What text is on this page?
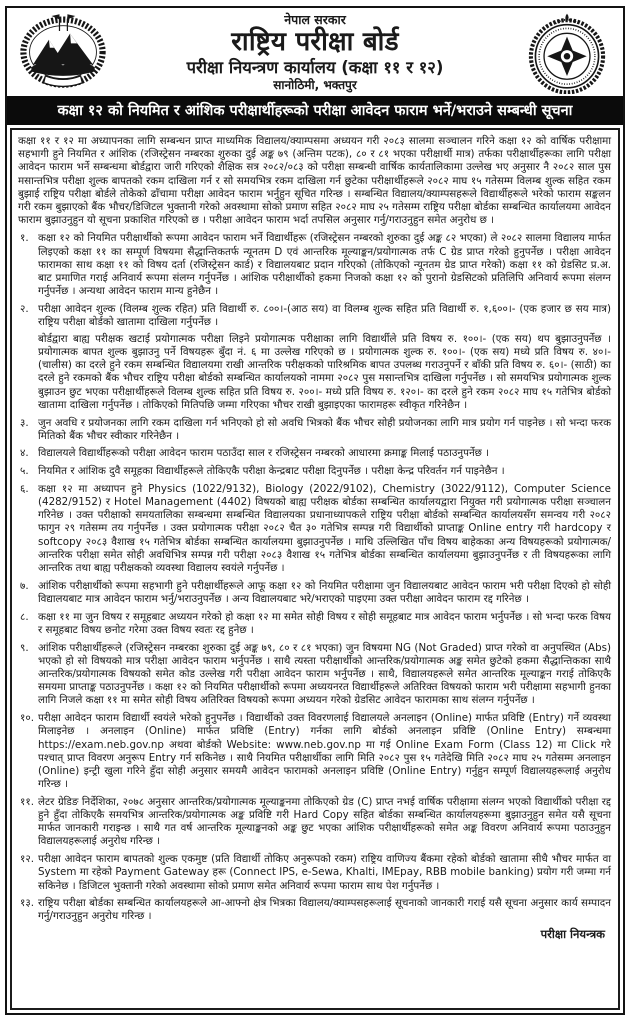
नेपाल सरकार
राष्ट्रिय परीक्षा बोर्ड
परीक्षा नियन्त्रण कार्यालय (कक्षा ११ र १२)
सानोठिमी, भक्तपुर
कक्षा १२ को नियमित र आंशिक परीक्षार्थीहरूको परीक्षा आवेदन फाराम भर्ने/भराउने सम्बन्धी सूचना

कक्षा ११ र १२ मा अध्यापनका लागि सम्बन्धन प्राप्त माध्यमिक विद्यालय/क्याम्पसमा अध्ययन गरी २०८३ सालमा सञ्चालन गरिने कक्षा १२ को वार्षिक परीक्षामा सहभागी हुने नियमित र आंशिक (रजिस्ट्रेसन नम्बरका शुरुका दुई अङ्क ७९ (अन्तिम पटक), ८० र ८१ भएका परीक्षार्थी मात्र) तर्फका परीक्षार्थीहरूका लागि परीक्षा आवेदन फाराम भर्ने सम्बन्धमा बोर्डद्वारा जारी गरिएको शैक्षिक सत्र २०८२/०८३ को परीक्षा सम्बन्धी वार्षिक कार्यतालिकामा उल्लेख भए अनुसार नै २०८२ साल पुस मसान्तभित्र परीक्षा शुल्क बापतको रकम दाखिला गर्न र सो समयभित्र रकम दाखिला गर्न छुटेका परीक्षार्थीहरूले २०८२ माघ १५ गतेसम्म विलम्ब शुल्क सहित रकम बुझाई राष्ट्रिय परीक्षा बोर्डले तोकेको ढाँचामा परीक्षा आवेदन फाराम भर्नुहुन सूचित गरिन्छ । सम्बन्धित विद्यालय/क्याम्पसहरूले विद्यार्थीहरूले भरेको फाराम सङ्कलन गरी रकम बुझाएको बैंक भौचर/डिजिटल भुक्तानी गरेको अवस्थामा सोको प्रमाण सहित २०८२ माघ २५ गतेसम्म राष्ट्रिय परीक्षा बोर्डका सम्बन्धित कार्यालयमा आवेदन फाराम बुझाउनुहुन यो सूचना प्रकाशित गरिएको छ । परीक्षा आवेदन फाराम भर्दा तपसिल अनुसार गर्नु/गराउनुहुन समेत अनुरोध छ ।

१. कक्षा १२ को नियमित परीक्षार्थीको रूपमा आवेदन फाराम भर्ने विद्यार्थीहरू (रजिस्ट्रेसन नम्बरको शुरुका दुई अङ्क ८२ भएका) ले २०८२ सालमा विद्यालय मार्फत लिइएको कक्षा ११ का सम्पूर्ण विषयमा सैद्धान्तिकतर्फ न्यूनतम D एवं आन्तरिक मूल्याङ्कन/प्रयोगात्मक तर्फ C ग्रेड प्राप्त गरेको हुनुपर्नेछ । परीक्षा आवेदन फारामका साथ कक्षा ११ को विषय दर्ता (रजिस्ट्रेसन कार्ड) र विद्यालयबाट प्रदान गरिएको (तोकिएको न्यूनतम ग्रेड प्राप्त गरेको) कक्षा ११ को ग्रेडसिट प्र.अ. बाट प्रमाणित गराई अनिवार्य रूपमा संलग्न गर्नुपर्नेछ । आंशिक परीक्षार्थीको हकमा निजको कक्षा १२ को पुरानो ग्रेडसिटको प्रतिलिपि अनिवार्य रूपमा संलग्न गर्नुपर्नेछ । अन्यथा आवेदन फाराम मान्य हुनेछैन ।
२. परीक्षा आवेदन शुल्क (विलम्ब शुल्क रहित) प्रति विद्यार्थी रु. ८००।-(आठ सय) वा विलम्ब शुल्क सहित प्रति विद्यार्थी रु. १,६००।- (एक हजार छ सय मात्र) राष्ट्रिय परीक्षा बोर्डको खातामा दाखिला गर्नुपर्नेछ ।
बोर्डद्वारा बाह्य परीक्षक खटाई प्रयोगात्मक परीक्षा लिइने प्रयोगात्मक परीक्षाका लागि विद्यार्थीले प्रति विषय रु. १००।- (एक सय) थप बुझाउनुपर्नेछ । प्रयोगात्मक बापत शुल्क बुझाउनु पर्ने विषयहरू बुँदा नं. ६ मा उल्लेख गरिएको छ । प्रयोगात्मक शुल्क रु. १००।- (एक सय) मध्ये प्रति विषय रु. ४०।- (चालीस) का दरले हुने रकम सम्बन्धित विद्यालयमा राखी आन्तरिक परीक्षकको पारिश्रमिक बापत उपलब्ध गराउनुपर्ने र बाँकी प्रति विषय रु. ६०।- (साठी) का दरले हुने रकमको बैंक भौचर राष्ट्रिय परीक्षा बोर्डको सम्बन्धित कार्यालयको नाममा २०८२ पुस मसान्तभित्र दाखिला गर्नुपर्नेछ । सो समयभित्र प्रयोगात्मक शुल्क बुझाउन छुट भएका परीक्षार्थीहरूले विलम्ब शुल्क सहित प्रति विषय रु. २००।- मध्ये प्रति विषय रु. १२०।- का दरले हुने रकम २०८२ माघ १५ गतेभित्र बोर्डको खातामा दाखिला गर्नुपर्नेछ । तोकिएको मितिपछि जम्मा गरिएका भौचर राखी बुझाइएका फारामहरू स्वीकृत गरिनेछैन ।
३. जुन अवधि र प्रयोजनका लागि रकम दाखिला गर्न भनिएको हो सो अवधि भित्रको बैंक भौचर सोही प्रयोजनका लागि मात्र प्रयोग गर्न पाइनेछ । सो भन्दा फरक मितिको बैंक भौचर स्वीकार गरिनेछैन ।
४. विद्यालयले विद्यार्थीहरूको परीक्षा आवेदन फाराम पठाउँदा साल र रजिस्ट्रेसन नम्बरको आधारमा क्रमाङ्क मिलाई पठाउनुपर्नेछ ।
५. नियमित र आंशिक दुवै समूहका विद्यार्थीहरूले तोकिएकै परीक्षा केन्द्रबाट परीक्षा दिनुपर्नेछ । परीक्षा केन्द्र परिवर्तन गर्न पाइनेछैन ।
६. कक्षा १२ मा अध्यापन हुने Physics (1022/9132), Biology (2022/9102), Chemistry (3022/9112), Computer Science (4282/9152) र Hotel Management (4402) विषयको बाह्य परीक्षक बोर्डका सम्बन्धित कार्यालयद्वारा नियुक्त गरी प्रयोगात्मक परीक्षा सञ्चालन गरिनेछ । उक्त परीक्षाको समयतालिका सम्बन्धमा सम्बन्धित विद्यालयका प्रधानाध्यापकले राष्ट्रिय परीक्षा बोर्डको सम्बन्धित कार्यालयसँग समन्वय गरी २०८२ फागुन २९ गतेसम्म तय गर्नुपर्नेछ । उक्त प्रयोगात्मक परीक्षा २०८२ चैत ३० गतेभित्र सम्पन्न गरी विद्यार्थीको प्राप्ताङ्क Online entry गरी hardcopy र softcopy २०८३ वैशाख १५ गतेभित्र बोर्डका सम्बन्धित कार्यालयमा बुझाउनुपर्नेछ । माथि उल्लिखित पाँच विषय बाहेकका अन्य विषयहरूको प्रयोगात्मक/आन्तरिक परीक्षा समेत सोही अवधिभित्र सम्पन्न गरी परीक्षा २०८३ वैशाख १५ गतेभित्र बोर्डका सम्बन्धित कार्यालयमा बुझाउनुपर्नेछ र ती विषयहरूका लागि आन्तरिक तथा बाह्य परीक्षकको व्यवस्था विद्यालय स्वयंले गर्नुपर्नेछ ।
७. आंशिक परीक्षार्थीको रूपमा सहभागी हुने परीक्षार्थीहरूले आफू कक्षा १२ को नियमित परीक्षामा जुन विद्यालयबाट आवेदन फाराम भरी परीक्षा दिएको हो सोही विद्यालयबाट मात्र आवेदन फाराम भर्नु/भराउनुपर्नेछ । अन्य विद्यालयबाट भरे/भराएको पाइएमा उक्त परीक्षा आवेदन फाराम रद्द गरिनेछ ।
८. कक्षा ११ मा जुन विषय र समूहबाट अध्ययन गरेको हो कक्षा १२ मा समेत सोही विषय र सोही समूहबाट मात्र आवेदन फाराम भर्नुपर्नेछ । सो भन्दा फरक विषय र समूहबाट विषय छनोट गरेमा उक्त विषय स्वतः रद्द हुनेछ ।
९. आंशिक परीक्षार्थीहरूले (रजिस्ट्रेसन नम्बरका शुरुका दुई अङ्क ७९, ८० र ८१ भएका) जुन विषयमा NG (Not Graded) प्राप्त गरेको वा अनुपस्थित (Abs) भएको हो सो विषयको मात्र परीक्षा आवेदन फाराम भर्नुपर्नेछ । साथै त्यस्ता परीक्षार्थीको आन्तरिक/प्रयोगात्मक अङ्क समेत छुटेको हकमा सैद्धान्तिकका साथै आन्तरिक/प्रयोगात्मक विषयको समेत कोड उल्लेख गरी परीक्षा आवेदन फाराम भर्नुपर्नेछ । साथै, विद्यालयहरूले समेत आन्तरिक मूल्याङ्कन गराई तोकिएकै समयमा प्राप्ताङ्क पठाउनुपर्नेछ । कक्षा १२ को नियमित परीक्षार्थीको रूपमा अध्ययनरत विद्यार्थीहरूले अतिरिक्त विषयको फाराम भरी परीक्षामा सहभागी हुनका लागि निजले कक्षा ११ मा समेत सोही विषय अतिरिक्त विषयको रूपमा अध्ययन गरेको ग्रेडसिट आवेदन फारामका साथ संलग्न गर्नुपर्नेछ ।
१०. परीक्षा आवेदन फाराम विद्यार्थी स्वयंले भरेको हुनुपर्नेछ । विद्यार्थीको उक्त विवरणलाई विद्यालयले अनलाइन (Online) मार्फत प्रविष्टि (Entry) गर्ने व्यवस्था मिलाइनेछ । अनलाइन (Online) मार्फत प्रविष्टि (Entry) गर्नका लागि बोर्डको अनलाइन प्रविष्टि (Online Entry) सम्बन्धमा https://exam.neb.gov.np अथवा बोर्डको Website: www.neb.gov.np मा गई Online Exam Form (Class 12) मा Click गरे पश्चात् प्राप्त विवरण अनुरूप Entry गर्न सकिनेछ । साथै नियमित परीक्षार्थीका लागि मिति २०८२ पुस १५ गतेदेखि मिति २०८२ माघ २५ गतेसम्म अनलाइन (Online) इन्ट्री खुला गरिने हुँदा सोही अनुसार समयमै आवेदन फारामको अनलाइन प्रविष्टि (Online Entry) गर्नुहुन सम्पूर्ण विद्यालयहरूलाई अनुरोध गरिन्छ ।
११. लेटर ग्रेडिङ निर्देशिका, २०७८ अनुसार आन्तरिक/प्रयोगात्मक मूल्याङ्कनमा तोकिएको ग्रेड (C) प्राप्त नभई वार्षिक परीक्षामा संलग्न भएको विद्यार्थीको परीक्षा रद्द हुने हुँदा तोकिएकै समयभित्र आन्तरिक/प्रयोगात्मक अङ्क प्रविष्टि गरी Hard Copy सहित बोर्डका सम्बन्धित कार्यालयहरूमा बुझाउनुहुन समेत यसै सूचना मार्फत जानकारी गराइन्छ । साथै गत वर्ष आन्तरिक मूल्याङ्कनको अङ्क छुट भएका आंशिक परीक्षार्थीहरूको समेत अङ्क विवरण अनिवार्य रूपमा पठाउनुहुन विद्यालयहरूलाई अनुरोध गरिन्छ ।
१२. परीक्षा आवेदन फाराम बापतको शुल्क एकमुष्ट (प्रति विद्यार्थी तोकिए अनुरूपको रकम) राष्ट्रिय वाणिज्य बैंकमा रहेको बोर्डको खातामा सीधै भौचर मार्फत वा System मा रहेको Payment Gateway हरू (Connect IPS, e-Sewa, Khalti, IMEpay, RBB mobile banking) प्रयोग गरी जम्मा गर्न सकिनेछ । डिजिटल भुक्तानी गरेको अवस्थामा सोको प्रमाण समेत अनिवार्य रूपमा फाराम साथ पेश गर्नुपर्नेछ ।
१३. राष्ट्रिय परीक्षा बोर्डका सम्बन्धित कार्यालयहरूले आ-आफ्नो क्षेत्र भित्रका विद्यालय/क्याम्पसहरूलाई सूचनाको जानकारी गराई यसै सूचना अनुसार कार्य सम्पादन गर्नु/गराउनुहुन अनुरोध गरिन्छ ।
परीक्षा नियन्त्रक
